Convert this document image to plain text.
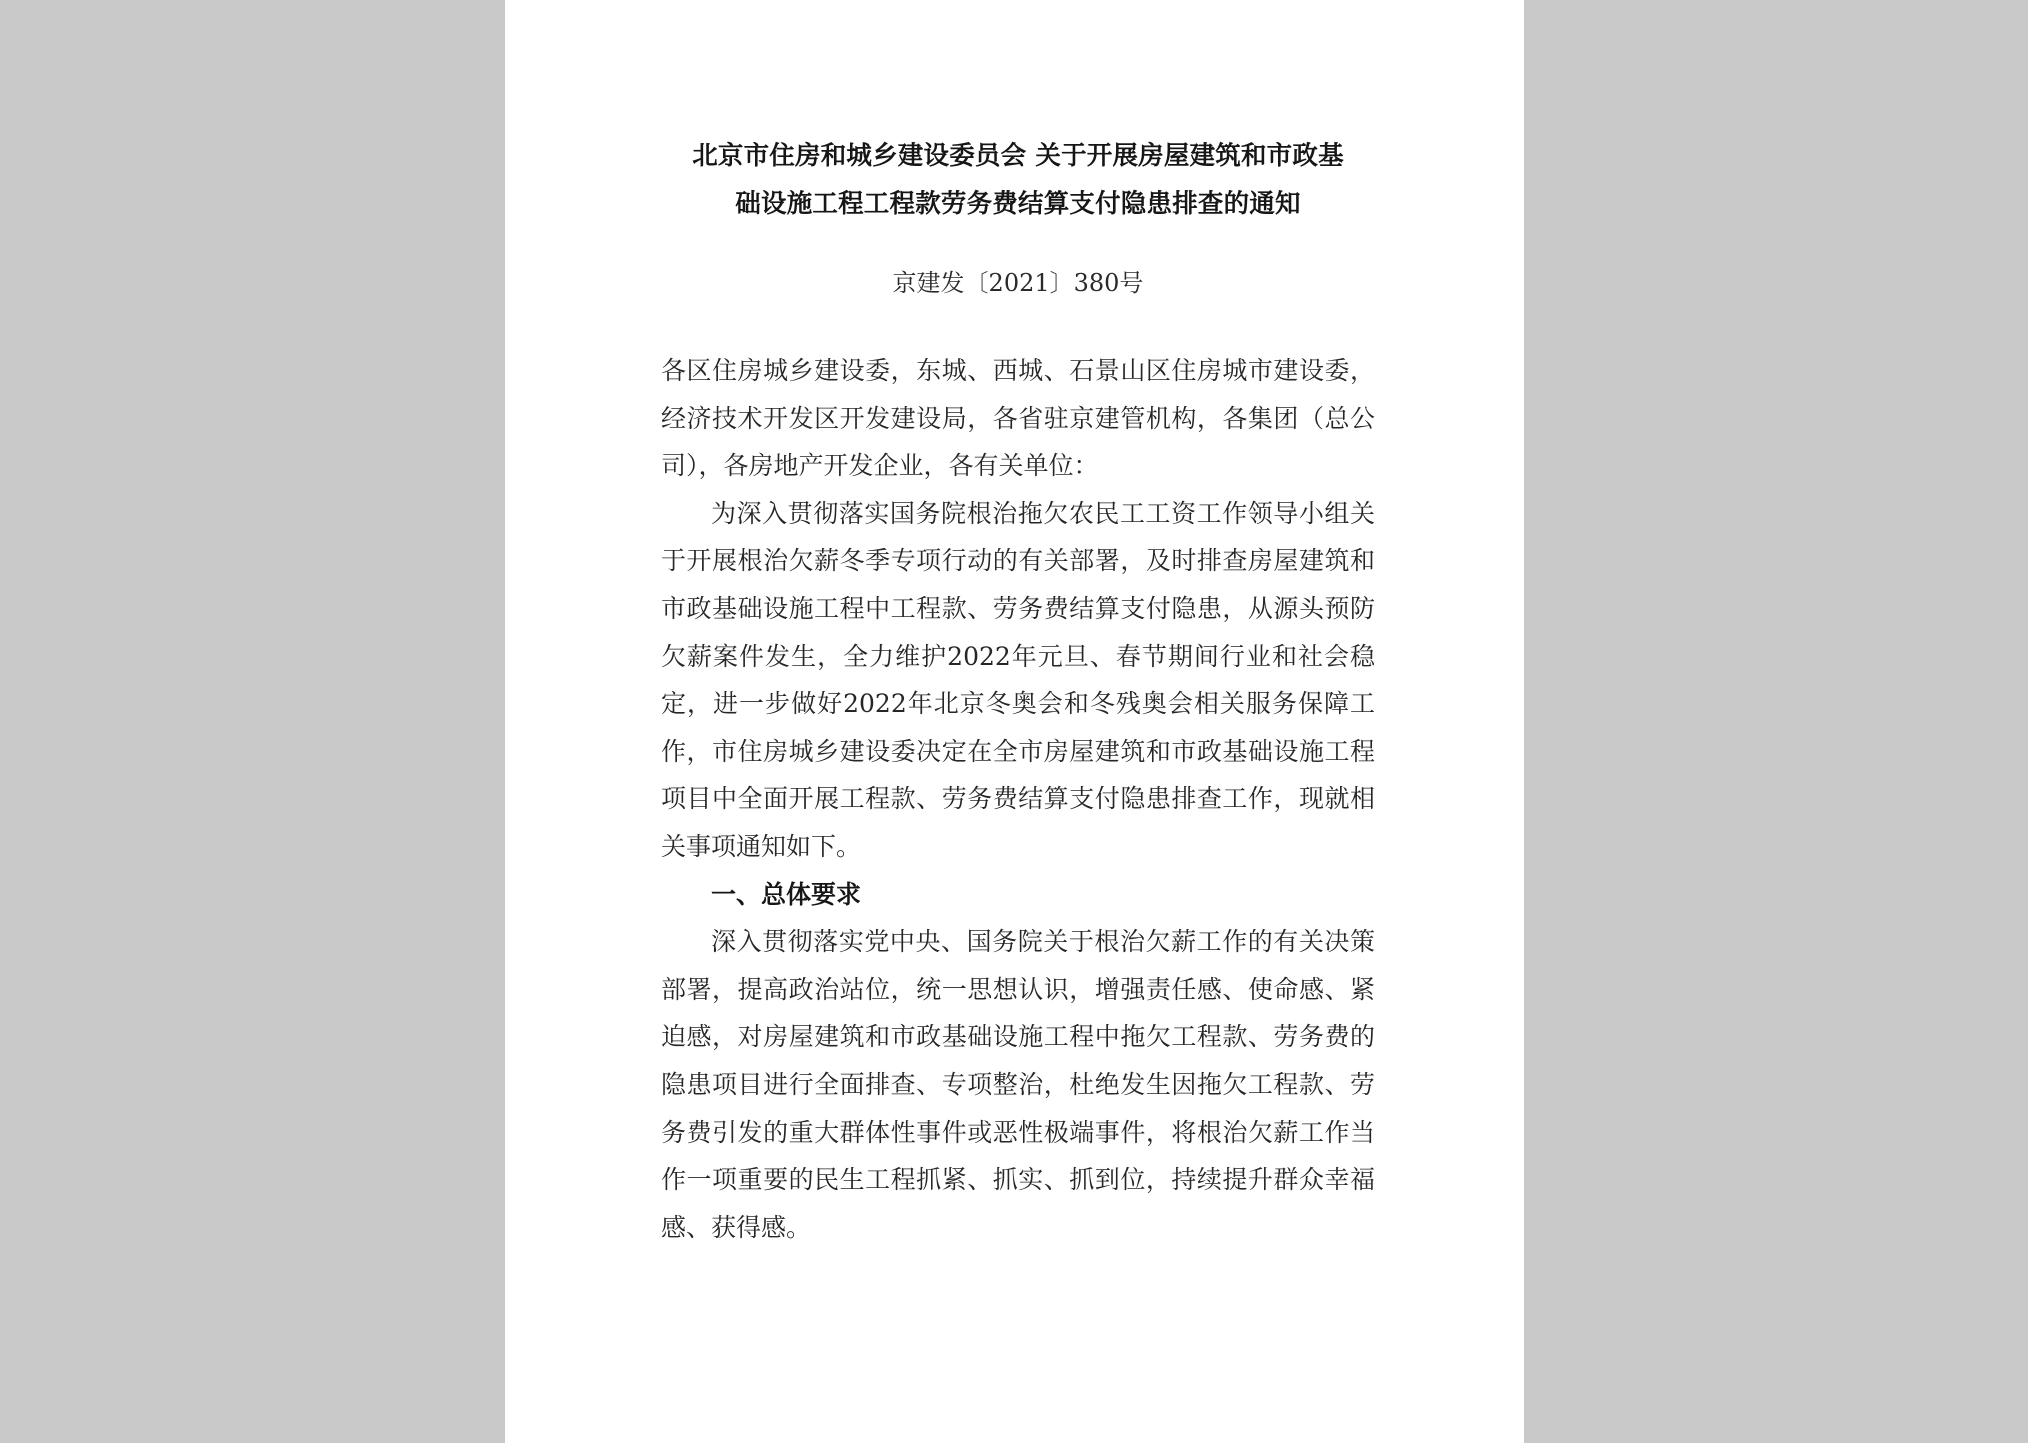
北京市住房和城乡建设委员会 关于开展房屋建筑和市政基
础设施工程工程款劳务费结算支付隐患排查的通知

京建发〔2021〕380号

各区住房城乡建设委，东城、西城、石景山区住房城市建设委，经济技术开发区开发建设局，各省驻京建管机构，各集团（总公司），各房地产开发企业，各有关单位：

为深入贯彻落实国务院根治拖欠农民工工资工作领导小组关于开展根治欠薪冬季专项行动的有关部署，及时排查房屋建筑和市政基础设施工程中工程款、劳务费结算支付隐患，从源头预防欠薪案件发生，全力维护2022年元旦、春节期间行业和社会稳定，进一步做好2022年北京冬奥会和冬残奥会相关服务保障工作，市住房城乡建设委决定在全市房屋建筑和市政基础设施工程项目中全面开展工程款、劳务费结算支付隐患排查工作，现就相关事项通知如下。

一、总体要求

深入贯彻落实党中央、国务院关于根治欠薪工作的有关决策部署，提高政治站位，统一思想认识，增强责任感、使命感、紧迫感，对房屋建筑和市政基础设施工程中拖欠工程款、劳务费的隐患项目进行全面排查、专项整治，杜绝发生因拖欠工程款、劳务费引发的重大群体性事件或恶性极端事件，将根治欠薪工作当作一项重要的民生工程抓紧、抓实、抓到位，持续提升群众幸福感、获得感。
